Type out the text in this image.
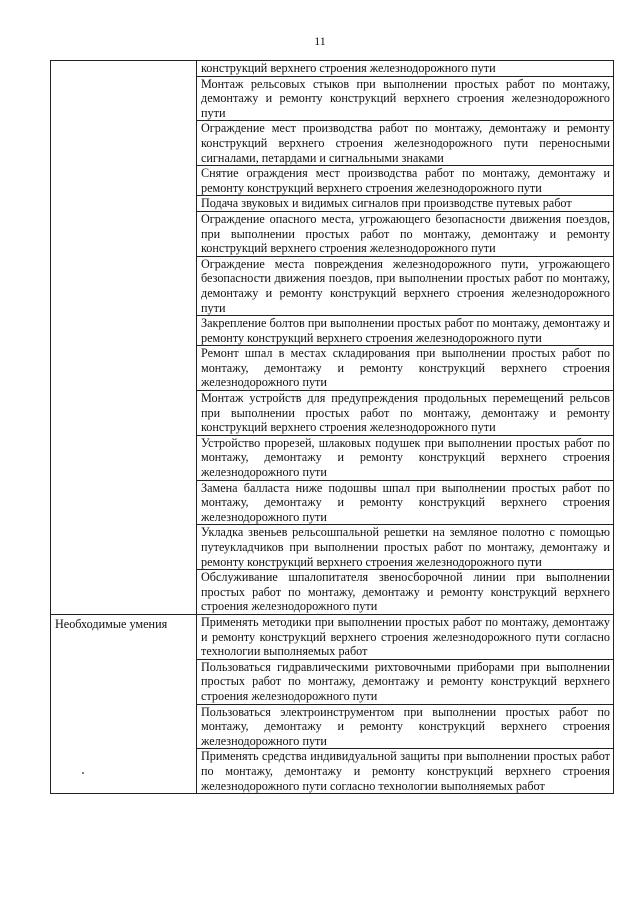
11
	конструкций верхнего строения железнодорожного пути
	Монтаж рельсовых стыков при выполнении простых работ по монтажу, демонтажу и ремонту конструкций верхнего строения железнодорожного пути
	Ограждение мест производства работ по монтажу, демонтажу и ремонту конструкций верхнего строения железнодорожного пути переносными сигналами, петардами и сигнальными знаками
	Снятие ограждения мест производства работ по монтажу, демонтажу и ремонту конструкций верхнего строения железнодорожного пути
	Подача звуковых и видимых сигналов при производстве путевых работ
	Ограждение опасного места, угрожающего безопасности движения поездов, при выполнении простых работ по монтажу, демонтажу и ремонту конструкций верхнего строения железнодорожного пути
	Ограждение места повреждения железнодорожного пути, угрожающего безопасности движения поездов, при выполнении простых работ по монтажу, демонтажу и ремонту конструкций верхнего строения железнодорожного пути
	Закрепление болтов при выполнении простых работ по монтажу, демонтажу и ремонту конструкций верхнего строения железнодорожного пути
	Ремонт шпал в местах складирования при выполнении простых работ по монтажу, демонтажу и ремонту конструкций верхнего строения железнодорожного пути
	Монтаж устройств для предупреждения продольных перемещений рельсов при выполнении простых работ по монтажу, демонтажу и ремонту конструкций верхнего строения железнодорожного пути
	Устройство прорезей, шлаковых подушек при выполнении простых работ по монтажу, демонтажу и ремонту конструкций верхнего строения железнодорожного пути
	Замена балласта ниже подошвы шпал при выполнении простых работ по монтажу, демонтажу и ремонту конструкций верхнего строения железнодорожного пути
	Укладка звеньев рельсошпальной решетки на земляное полотно с помощью путеукладчиков при выполнении простых работ по монтажу, демонтажу и ремонту конструкций верхнего строения железнодорожного пути
	Обслуживание шпалопитателя звеносборочной линии при выполнении простых работ по монтажу, демонтажу и ремонту конструкций верхнего строения железнодорожного пути
Необходимые умения	Применять методики при выполнении простых работ по монтажу, демонтажу и ремонту конструкций верхнего строения железнодорожного пути согласно технологии выполняемых работ
	Пользоваться гидравлическими рихтовочными приборами при выполнении простых работ по монтажу, демонтажу и ремонту конструкций верхнего строения железнодорожного пути
	Пользоваться электроинструментом при выполнении простых работ по монтажу, демонтажу и ремонту конструкций верхнего строения железнодорожного пути
	Применять средства индивидуальной защиты при выполнении простых работ по монтажу, демонтажу и ремонту конструкций верхнего строения железнодорожного пути согласно технологии выполняемых работ
